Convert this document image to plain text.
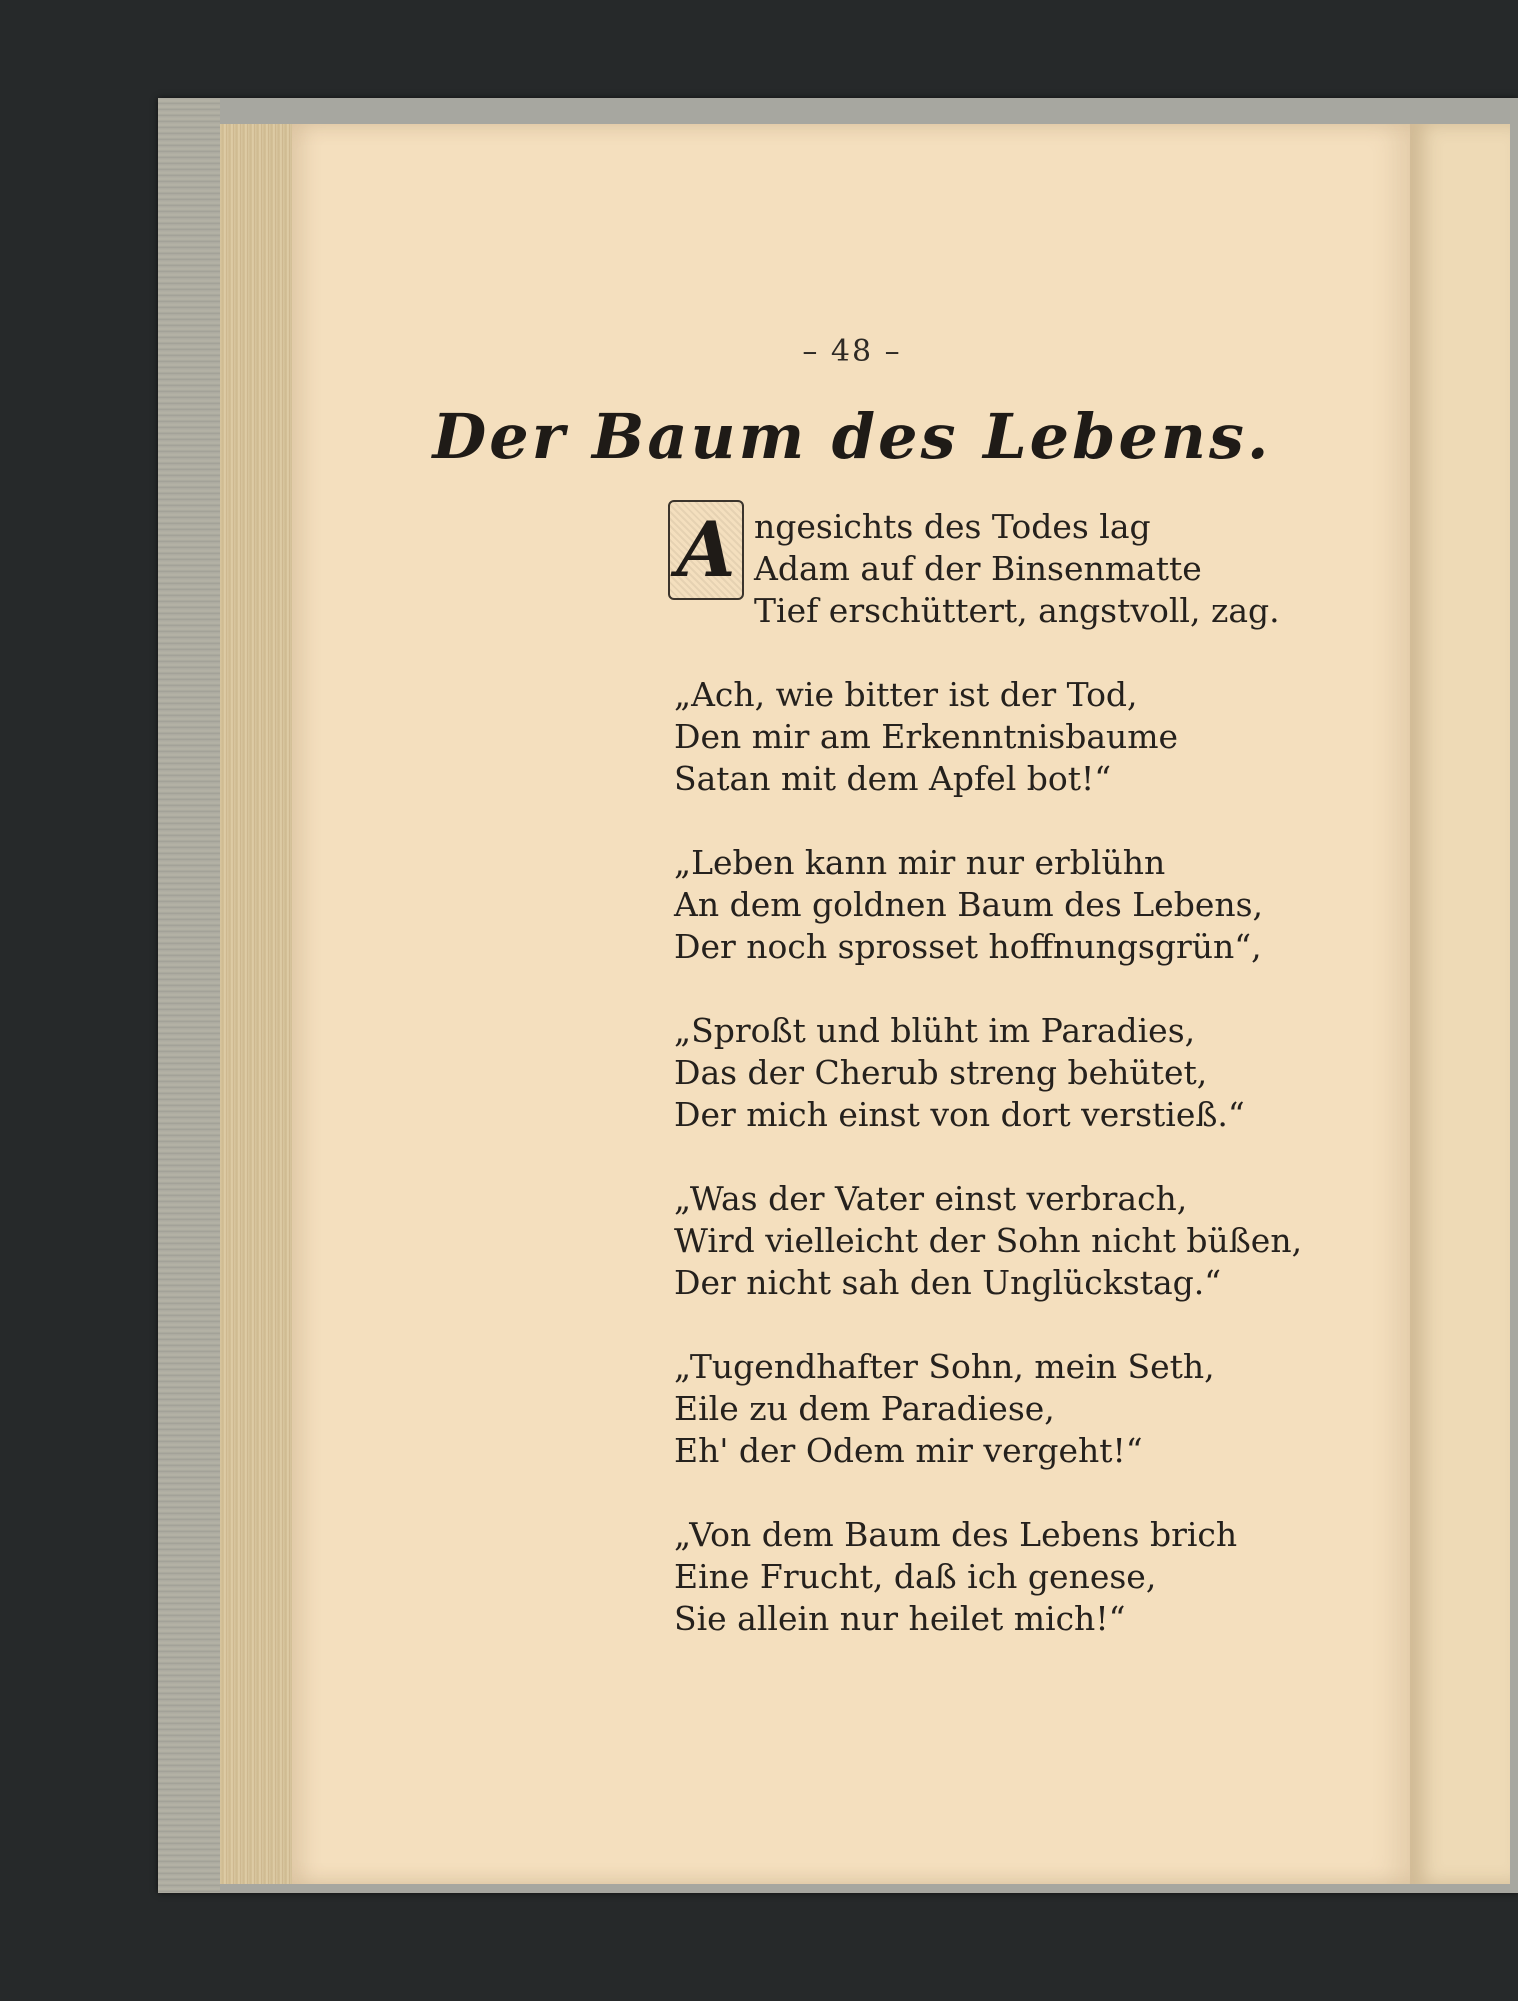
– 48 –
Der Baum des Lebens.
A ngesichts des Todes lag
Adam auf der Binsenmatte
Tief erschüttert, angstvoll, zag.
„Ach, wie bitter ist der Tod,
Den mir am Erkenntnisbaume
Satan mit dem Apfel bot!“
„Leben kann mir nur erblühn
An dem goldnen Baum des Lebens,
Der noch sprosset hoffnungsgrün“,
„Sproßt und blüht im Paradies,
Das der Cherub streng behütet,
Der mich einst von dort verstieß.“
„Was der Vater einst verbrach,
Wird vielleicht der Sohn nicht büßen,
Der nicht sah den Unglückstag.“
„Tugendhafter Sohn, mein Seth,
Eile zu dem Paradiese,
Eh' der Odem mir vergeht!“
„Von dem Baum des Lebens brich
Eine Frucht, daß ich genese,
Sie allein nur heilet mich!“
